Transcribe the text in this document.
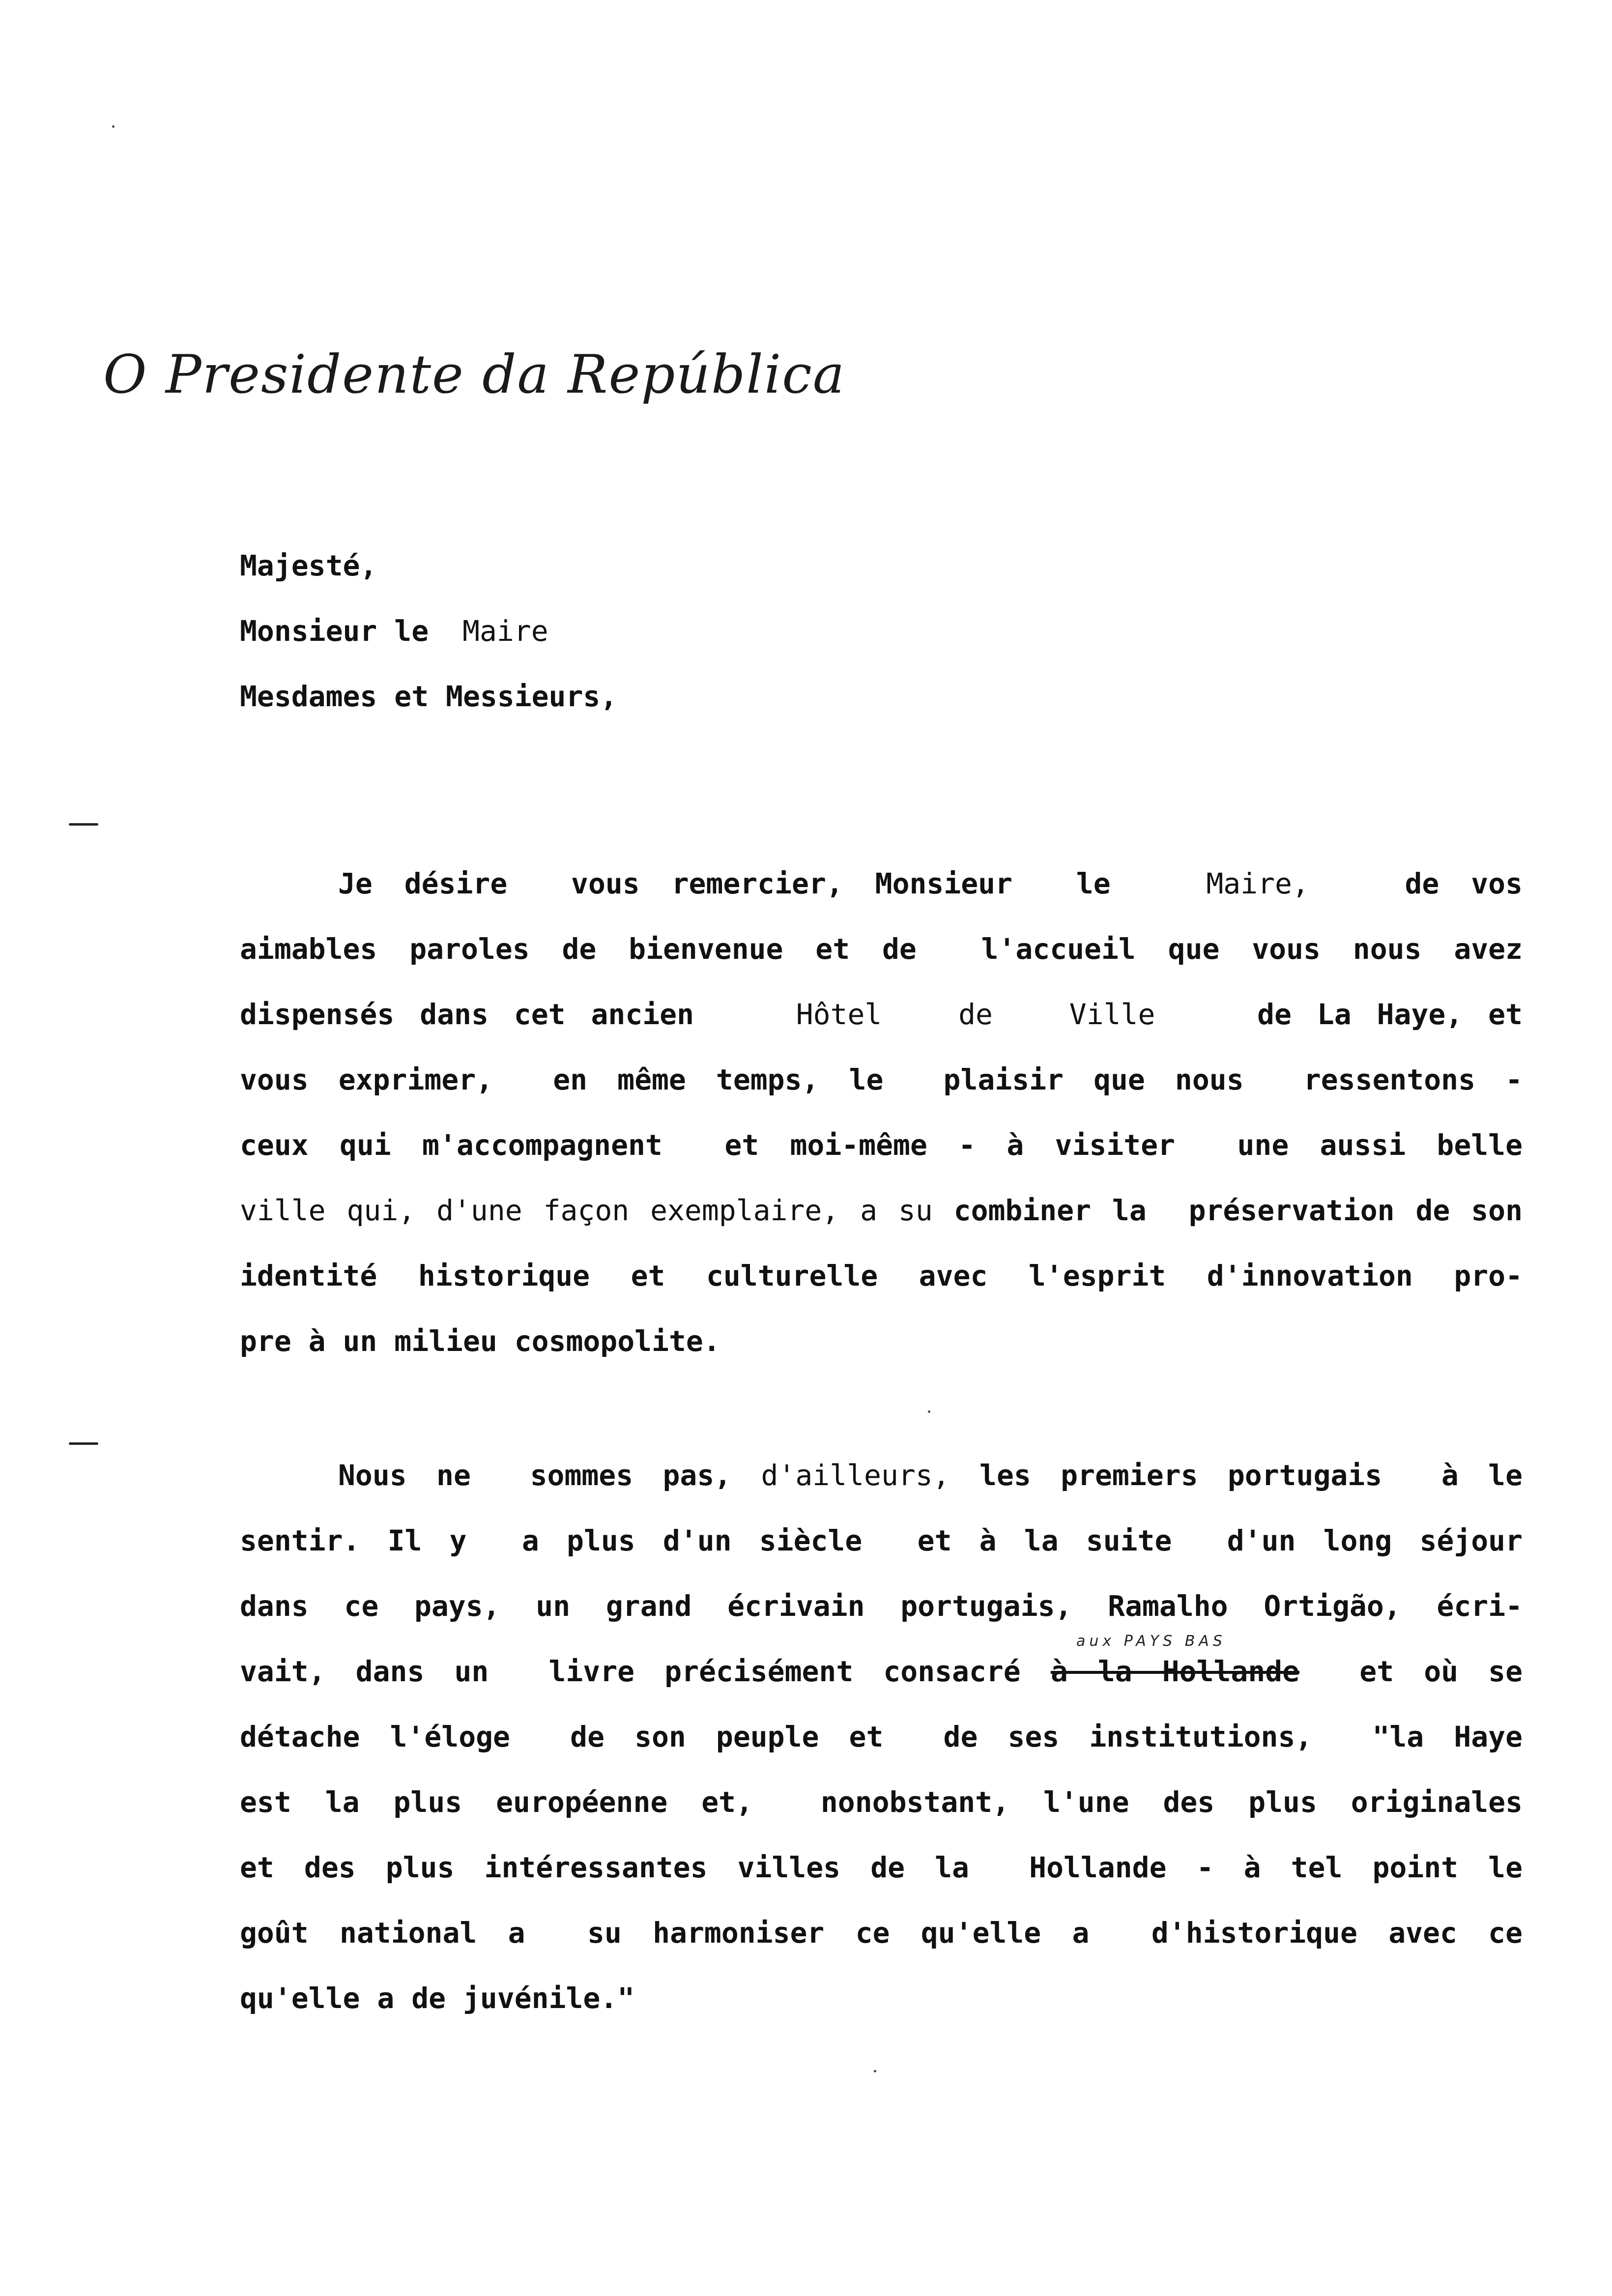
O Presidente da República
Majesté,
Monsieur le Maire
Mesdames et Messieurs,
Je désire  vous remercier, Monsieur  le   Maire,   de vos
aimables paroles de bienvenue et de  l'accueil que vous nous avez
dispensés dans cet ancien    Hôtel   de   Ville    de La Haye, et
vous exprimer,  en même temps, le  plaisir que nous  ressentons -
ceux qui m'accompagnent  et moi-même - à visiter  une aussi belle
ville qui, d'une façon exemplaire, a su combiner la  préservation de son
identité historique et culturelle avec l'esprit d'innovation pro-
pre à un milieu cosmopolite.
Nous ne  sommes pas, d'ailleurs, les premiers portugais  à le
sentir. Il y  a plus d'un siècle  et à la suite  d'un long séjour
dans ce pays, un grand écrivain portugais, Ramalho Ortigão, écri-
vait, dans un  livre précisément consacré à la Hollande  et où se
détache l'éloge  de son peuple et  de ses institutions,  "la Haye
est la plus européenne et,  nonobstant, l'une des plus originales
et des plus intéressantes villes de la  Hollande - à tel point le
goût national a  su harmoniser ce qu'elle a  d'historique avec ce
qu'elle a de juvénile."
aux PAYS BAS
